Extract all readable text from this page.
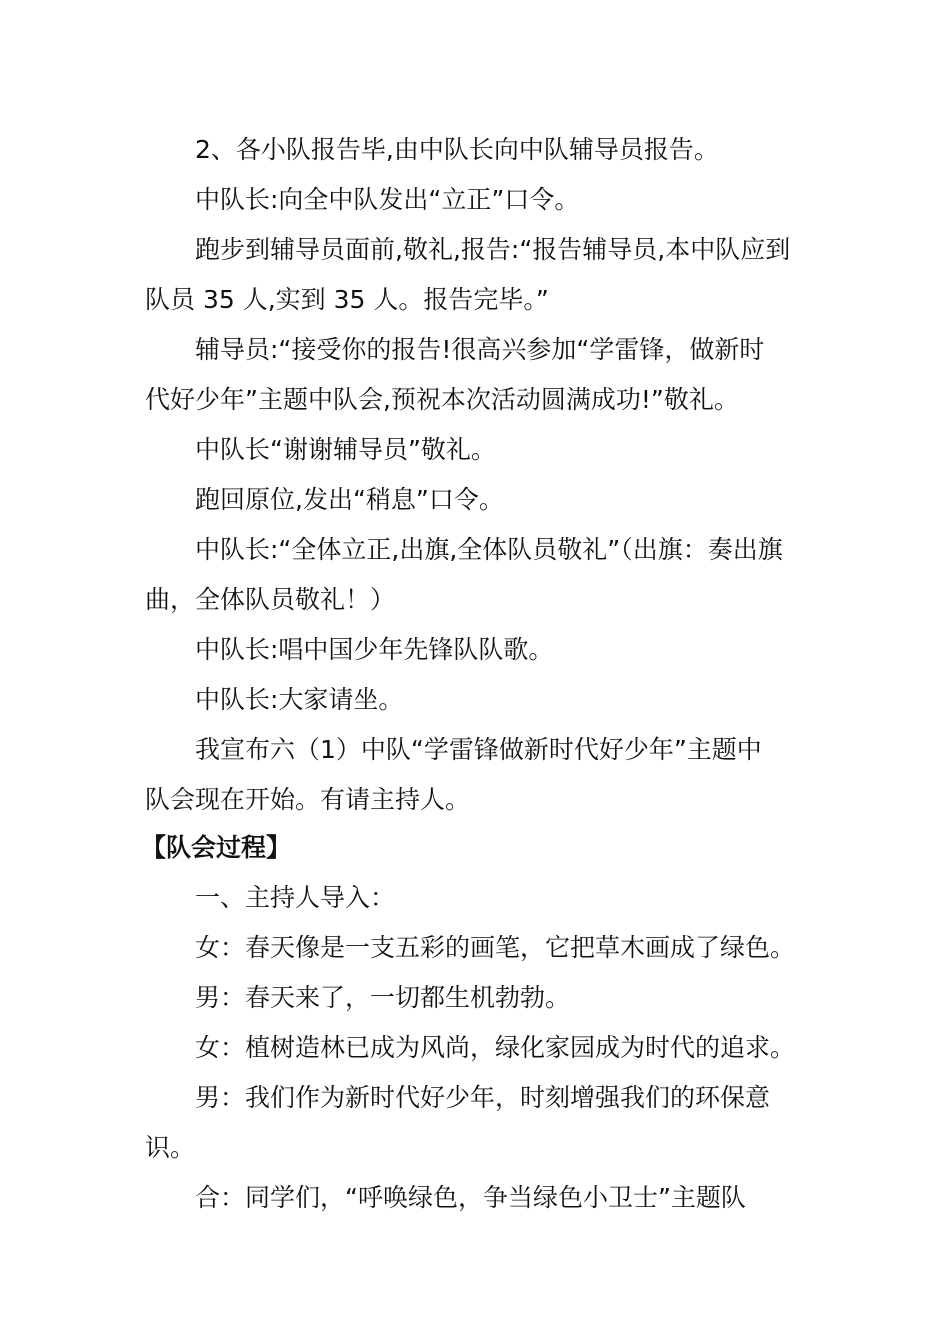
2、各小队报告毕,由中队长向中队辅导员报告。
中队长:向全中队发出“立正”口令。
跑步到辅导员面前,敬礼,报告:“报告辅导员,本中队应到
队员 35 人,实到 35 人。报告完毕。”
辅导员:“接受你的报告!很高兴参加“学雷锋，做新时
代好少年”主题中队会,预祝本次活动圆满成功!”敬礼。
中队长“谢谢辅导员”敬礼。
跑回原位,发出“稍息”口令。
中队长:“全体立正,出旗,全体队员敬礼”（出旗：奏出旗
曲，全体队员敬礼！）
中队长:唱中国少年先锋队队歌。
中队长:大家请坐。
我宣布六（1）中队“学雷锋做新时代好少年”主题中
队会现在开始。有请主持人。
【队会过程】
一、主持人导入：
女：春天像是一支五彩的画笔，它把草木画成了绿色。
男：春天来了，一切都生机勃勃。
女：植树造林已成为风尚，绿化家园成为时代的追求。
男：我们作为新时代好少年，时刻增强我们的环保意
识。
合：同学们，“呼唤绿色，争当绿色小卫士”主题队
